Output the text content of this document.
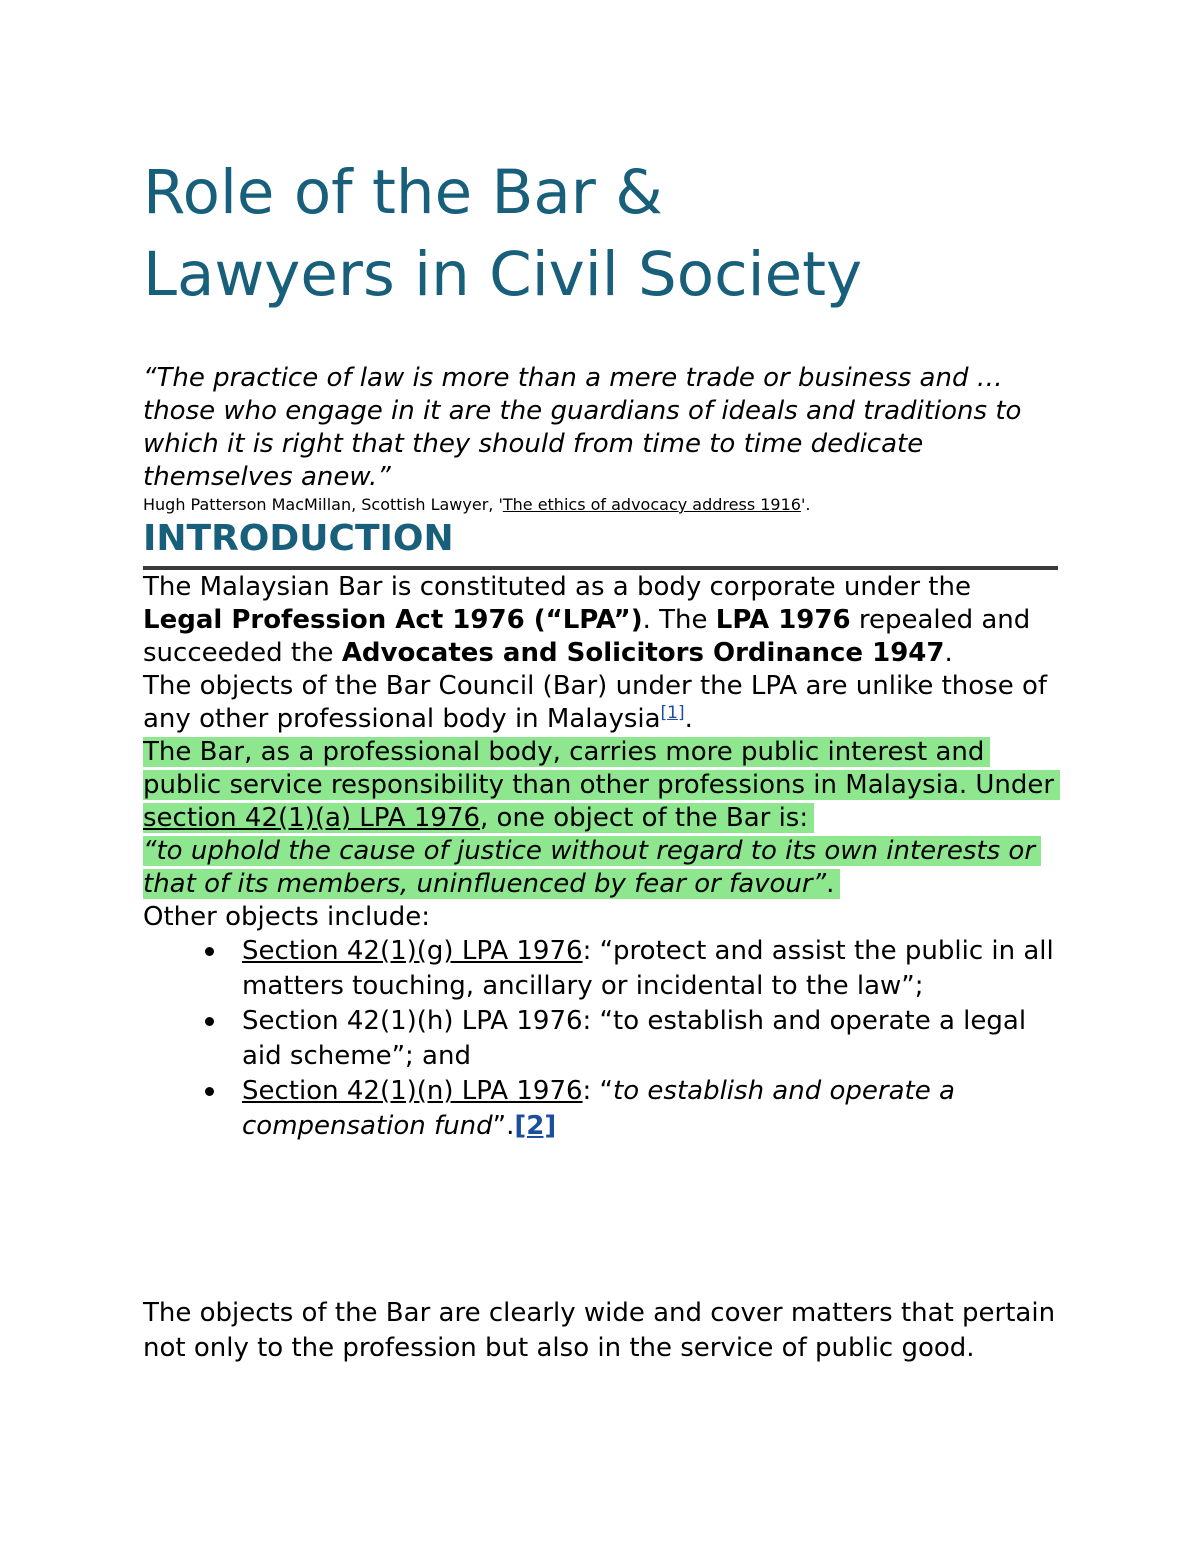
Role of the Bar &
Lawyers in Civil Society

“The practice of law is more than a mere trade or business and … those who engage in it are the guardians of ideals and traditions to which it is right that they should from time to time dedicate themselves anew.”

Hugh Patterson MacMillan, Scottish Lawyer, 'The ethics of advocacy address 1916'.

INTRODUCTION

The Malaysian Bar is constituted as a body corporate under the Legal Profession Act 1976 (“LPA”). The LPA 1976 repealed and succeeded the Advocates and Solicitors Ordinance 1947.

The objects of the Bar Council (Bar) under the LPA are unlike those of any other professional body in Malaysia[1].

The Bar, as a professional body, carries more public interest and public service responsibility than other professions in Malaysia. Under section 42(1)(a) LPA 1976, one object of the Bar is:
“to uphold the cause of justice without regard to its own interests or that of its members, uninfluenced by fear or favour”.

Other objects include:

Section 42(1)(g) LPA 1976: “protect and assist the public in all matters touching, ancillary or incidental to the law”;
Section 42(1)(h) LPA 1976: “to establish and operate a legal aid scheme”; and
Section 42(1)(n) LPA 1976: “to establish and operate a compensation fund”.[2]

The objects of the Bar are clearly wide and cover matters that pertain not only to the profession but also in the service of public good.
